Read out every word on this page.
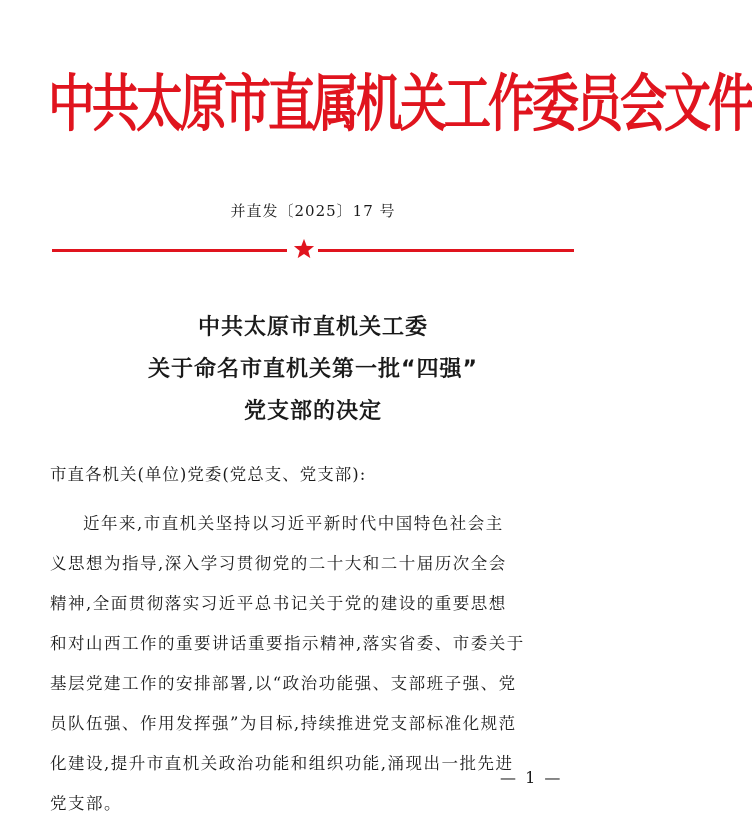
中共太原市直属机关工作委员会文件
并直发〔2025〕17 号
中共太原市直机关工委
关于命名市直机关第一批“四强”
党支部的决定
市直各机关(单位)党委(党总支、党支部):
近年来,市直机关坚持以习近平新时代中国特色社会主
义思想为指导,深入学习贯彻党的二十大和二十届历次全会
精神,全面贯彻落实习近平总书记关于党的建设的重要思想
和对山西工作的重要讲话重要指示精神,落实省委、市委关于
基层党建工作的安排部署,以“政治功能强、支部班子强、党
员队伍强、作用发挥强”为目标,持续推进党支部标准化规范
化建设,提升市直机关政治功能和组织功能,涌现出一批先进
党支部。
— 1 —
